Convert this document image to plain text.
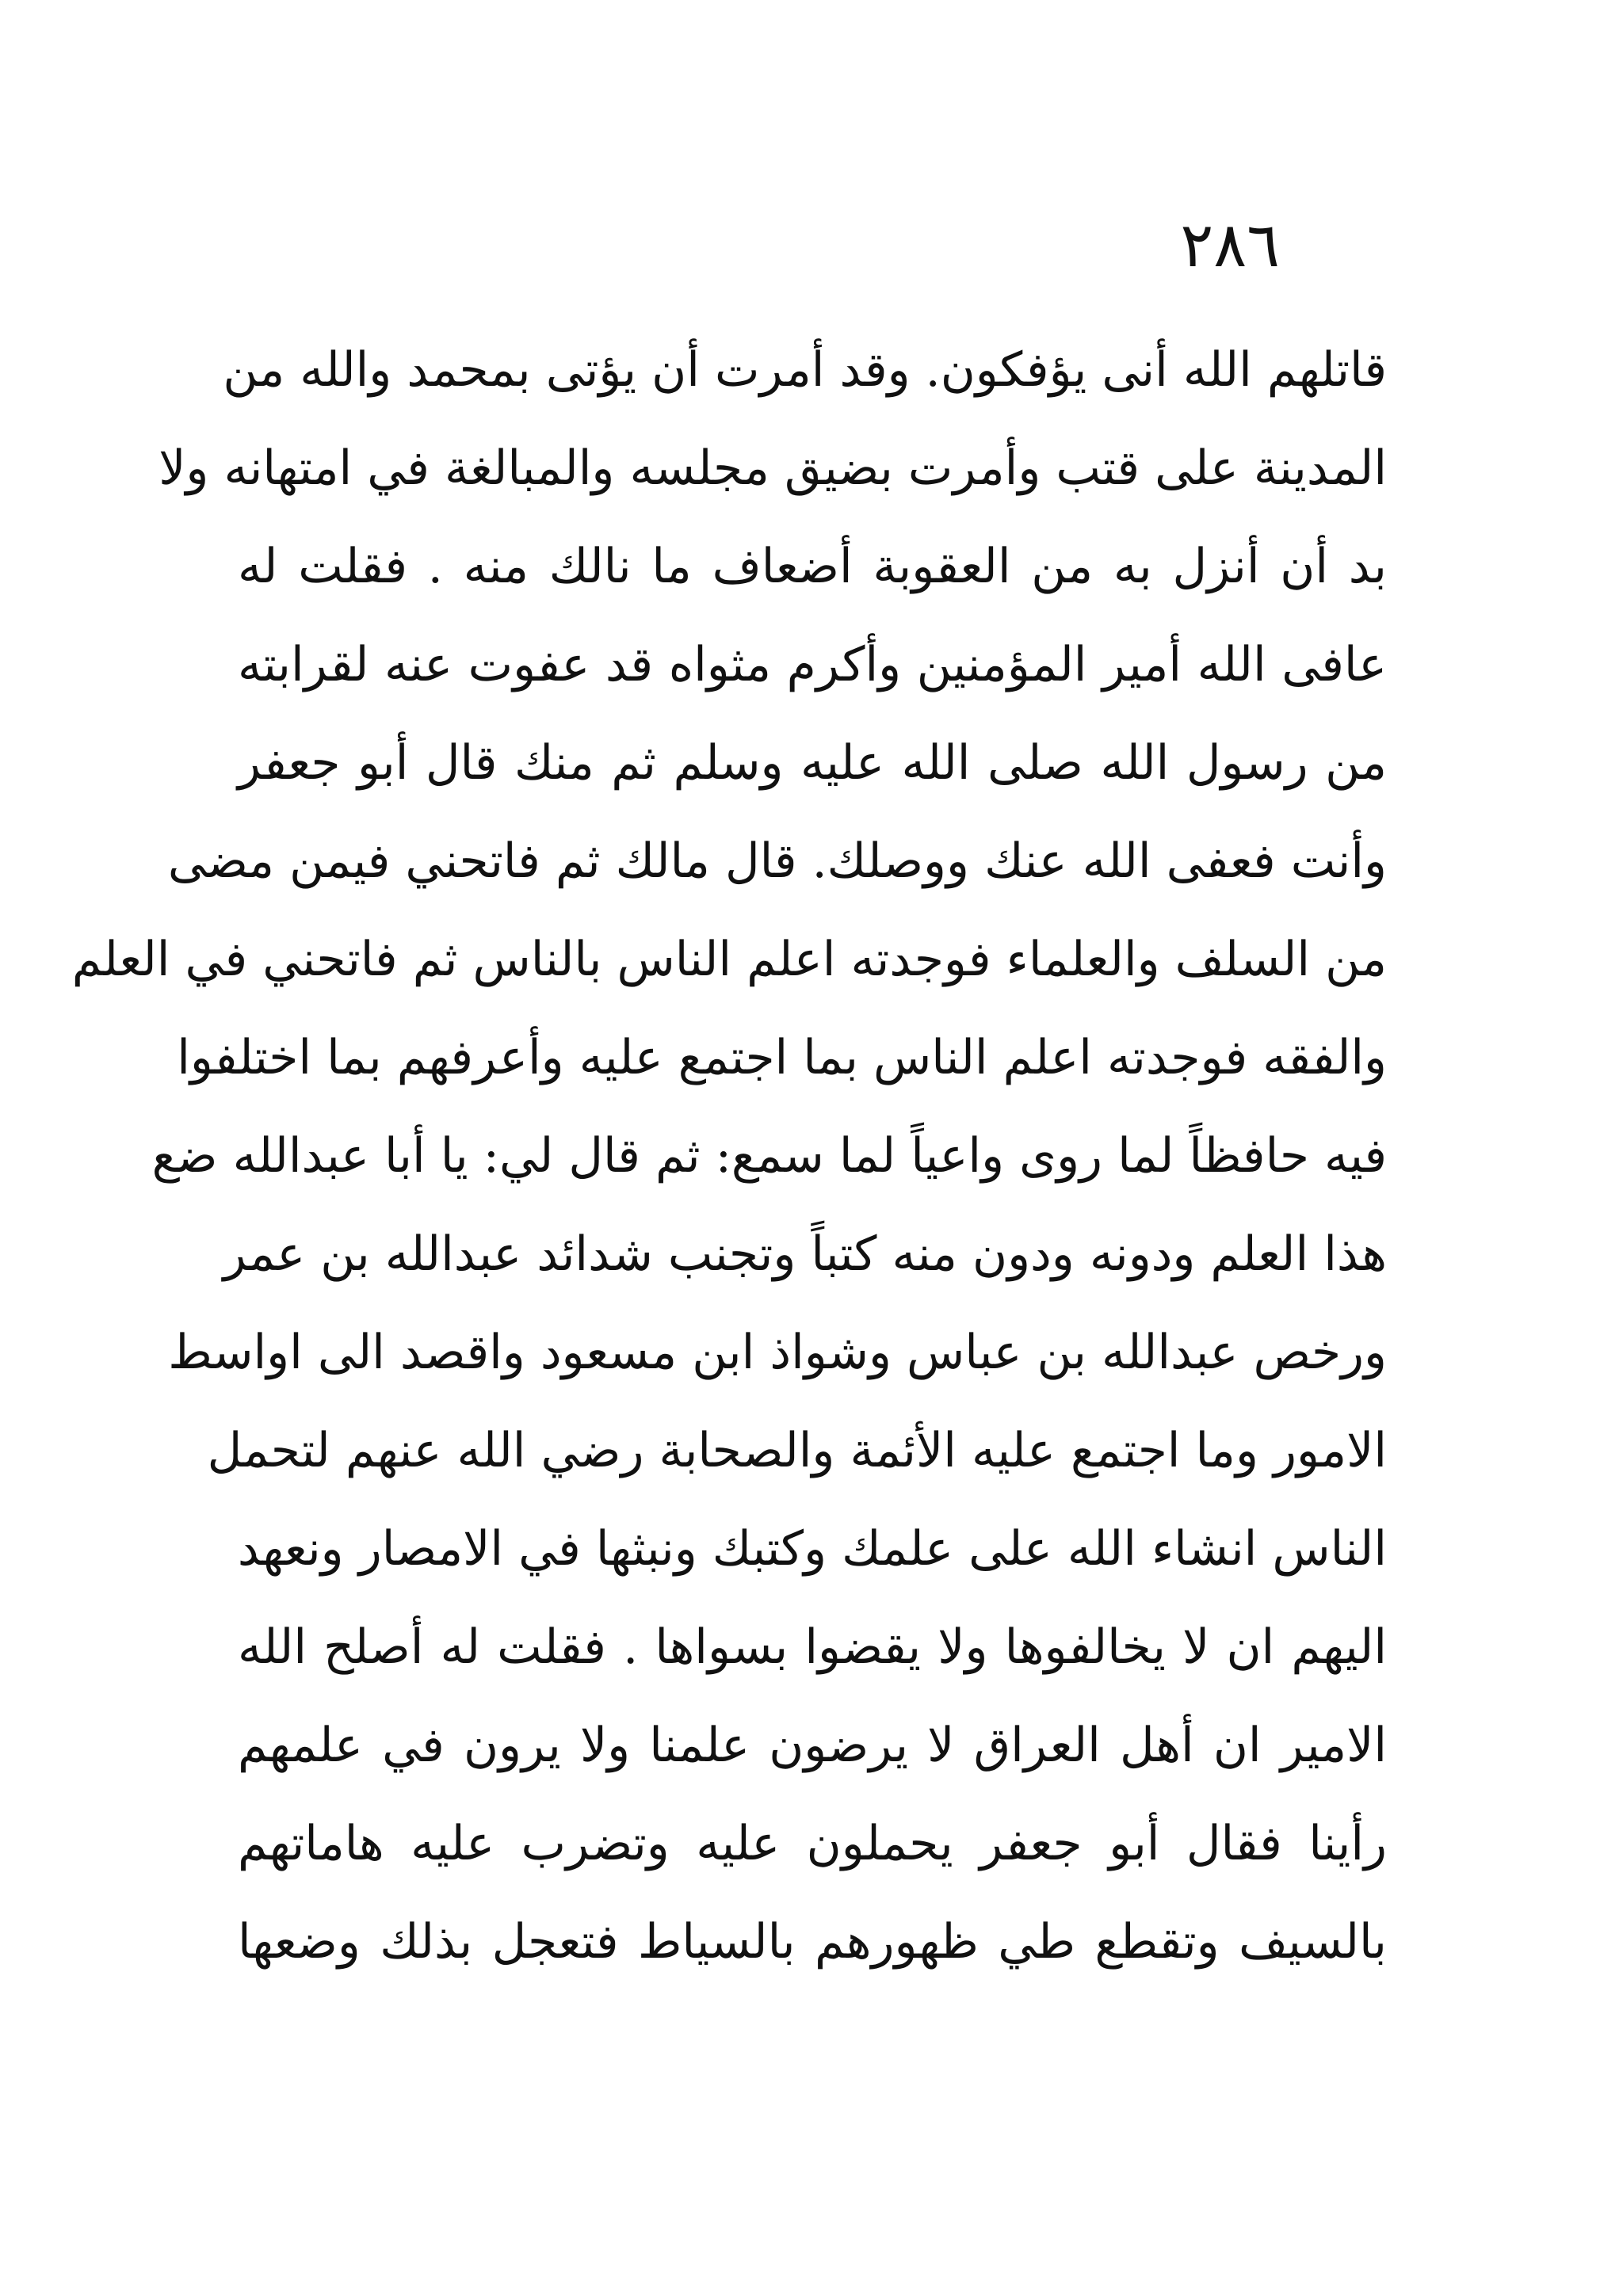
٢٨٦
قاتلهم الله أنى يؤفكون. وقد أمرت أن يؤتى بمحمد والله من
المدينة على قتب وأمرت بضيق مجلسه والمبالغة في امتهانه ولا
بد أن أنزل به من العقوبة أضعاف ما نالك منه . فقلت له
عافى الله أمير المؤمنين وأكرم مثواه قد عفوت عنه لقرابته
من رسول الله صلى الله عليه وسلم ثم منك قال أبو جعفر
وأنت فعفى الله عنك ووصلك. قال مالك ثم فاتحني فيمن مضى
من السلف والعلماء فوجدته اعلم الناس بالناس ثم فاتحني في العلم
والفقه فوجدته اعلم الناس بما اجتمع عليه وأعرفهم بما اختلفوا
فيه حافظاً لما روى واعياً لما سمع: ثم قال لي: يا أبا عبدالله ضع
هذا العلم ودونه ودون منه كتباً وتجنب شدائد عبدالله بن عمر
ورخص عبدالله بن عباس وشواذ ابن مسعود واقصد الى اواسط
الامور وما اجتمع عليه الأئمة والصحابة رضي الله عنهم لتحمل
الناس انشاء الله على علمك وكتبك ونبثها في الامصار ونعهد
اليهم ان لا يخالفوها ولا يقضوا بسواها . فقلت له أصلح الله
الامير ان أهل العراق لا يرضون علمنا ولا يرون في علمهم
رأينا فقال أبو جعفر يحملون عليه وتضرب عليه هاماتهم
بالسيف وتقطع طي ظهورهم بالسياط فتعجل بذلك وضعها
